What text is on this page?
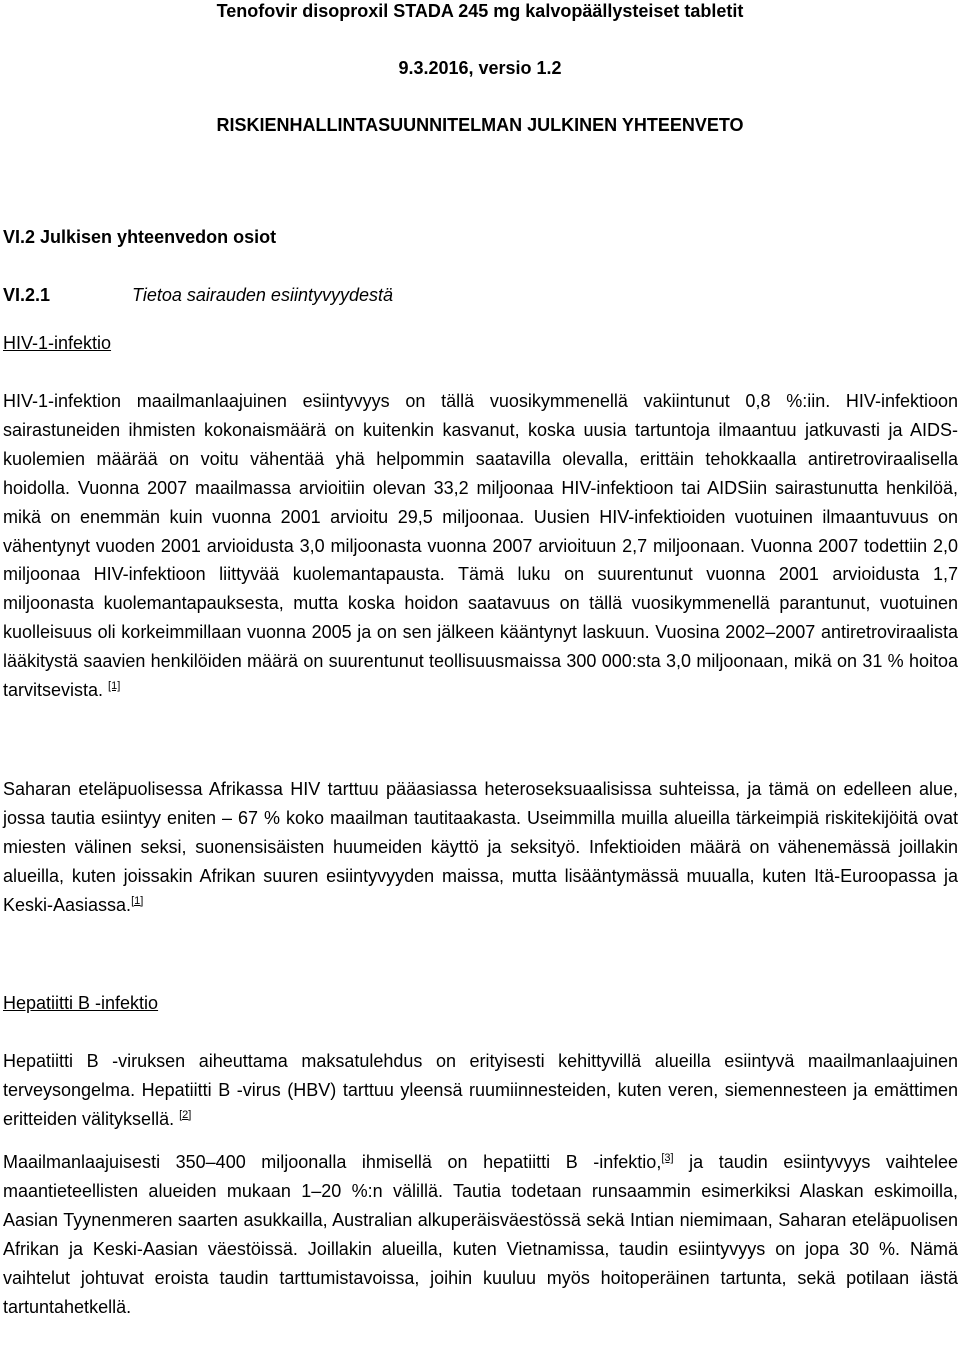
Tenofovir disoproxil STADA 245 mg kalvopäällysteiset tabletit
9.3.2016, versio 1.2
RISKIENHALLINTASUUNNITELMAN JULKINEN YHTEENVETO
VI.2 Julkisen yhteenvedon osiot
VI.2.1	Tietoa sairauden esiintyvyydestä
HIV-1-infektio
HIV-1-infektion maailmanlaajuinen esiintyvyys on tällä vuosikymmenellä vakiintunut 0,8 %:iin. HIV-infektioon sairastuneiden ihmisten kokonaismäärä on kuitenkin kasvanut, koska uusia tartuntoja ilmaantuu jatkuvasti ja AIDS-kuolemien määrää on voitu vähentää yhä helpommin saatavilla olevalla, erittäin tehokkaalla antiretroviraalisella hoidolla. Vuonna 2007 maailmassa arvioitiin olevan 33,2 miljoonaa HIV-infektioon tai AIDSiin sairastunutta henkilöä, mikä on enemmän kuin vuonna 2001 arvioitu 29,5 miljoonaa. Uusien HIV-infektioiden vuotuinen ilmaantuvuus on vähentynyt vuoden 2001 arvioidusta 3,0 miljoonasta vuonna 2007 arvioituun 2,7 miljoonaan. Vuonna 2007 todettiin 2,0 miljoonaa HIV-infektioon liittyvää kuolemantapausta. Tämä luku on suurentunut vuonna 2001 arvioidusta 1,7 miljoonasta kuolemantapauksesta, mutta koska hoidon saatavuus on tällä vuosikymmenellä parantunut, vuotuinen kuolleisuus oli korkeimmillaan vuonna 2005 ja on sen jälkeen kääntynyt laskuun. Vuosina 2002–2007 antiretroviraalista lääkitystä saavien henkilöiden määrä on suurentunut teollisuusmaissa 300 000:sta 3,0 miljoonaan, mikä on 31 % hoitoa tarvitsevista. [1]
Saharan eteläpuolisessa Afrikassa HIV tarttuu pääasiassa heteroseksuaalisissa suhteissa, ja tämä on edelleen alue, jossa tautia esiintyy eniten – 67 % koko maailman tautitaakasta. Useimmilla muilla alueilla tärkeimpiä riskitekijöitä ovat miesten välinen seksi, suonensisäisten huumeiden käyttö ja seksityö. Infektioiden määrä on vähenemässä joillakin alueilla, kuten joissakin Afrikan suuren esiintyvyyden maissa, mutta lisääntymässä muualla, kuten Itä-Euroopassa ja Keski-Aasiassa.[1]
Hepatiitti B -infektio
Hepatiitti B -viruksen aiheuttama maksatulehdus on erityisesti kehittyvillä alueilla esiintyvä maailmanlaajuinen terveysongelma. Hepatiitti B -virus (HBV) tarttuu yleensä ruumiinnesteiden, kuten veren, siemennesteen ja emättimen eritteiden välityksellä. [2]
Maailmanlaajuisesti 350–400 miljoonalla ihmisellä on hepatiitti B -infektio,[3] ja taudin esiintyvyys vaihtelee maantieteellisten alueiden mukaan 1–20 %:n välillä. Tautia todetaan runsaammin esimerkiksi Alaskan eskimoilla, Aasian Tyynenmeren saarten asukkailla, Australian alkuperäisväestössä sekä Intian niemimaan, Saharan eteläpuolisen Afrikan ja Keski-Aasian väestöissä. Joillakin alueilla, kuten Vietnamissa, taudin esiintyvyys on jopa 30 %. Nämä vaihtelut johtuvat eroista taudin tarttumistavoissa, joihin kuuluu myös hoitoperäinen tartunta, sekä potilaan iästä tartuntahetkellä.
